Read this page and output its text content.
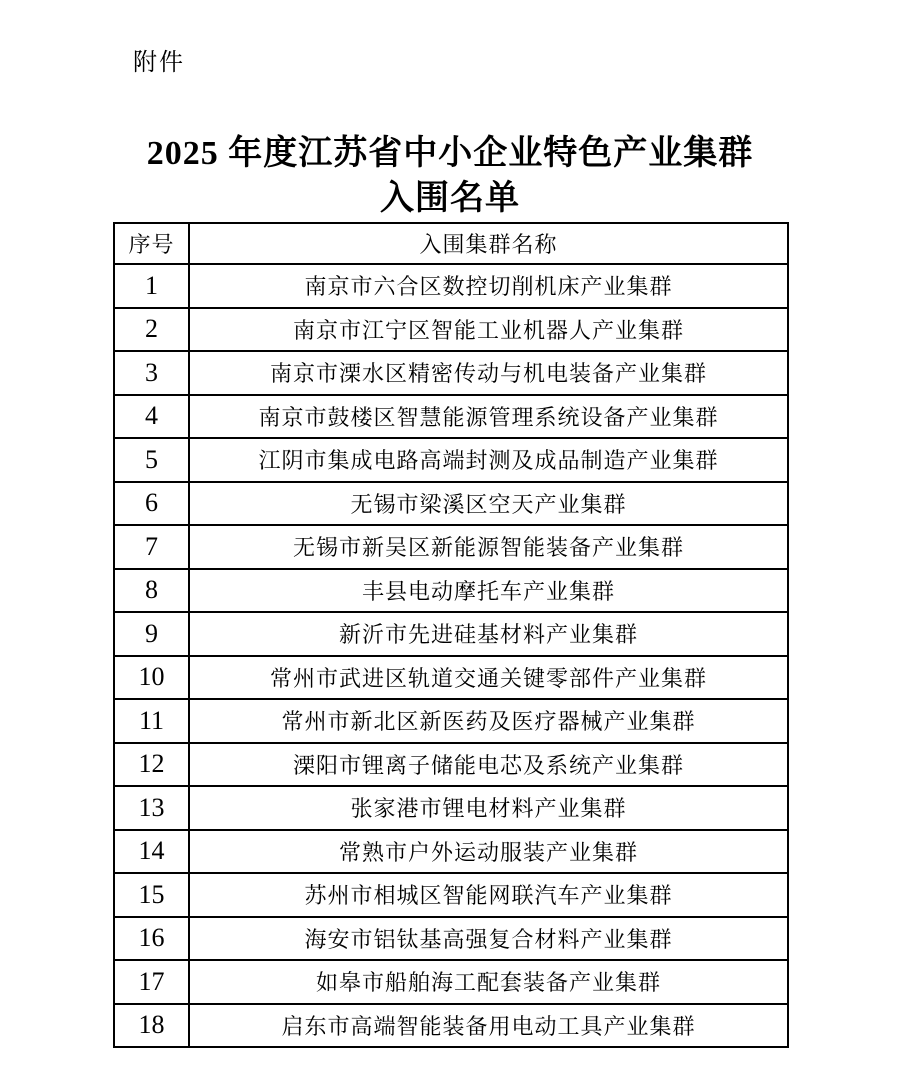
附件
2025 年度江苏省中小企业特色产业集群
入围名单
序号	入围集群名称
1	南京市六合区数控切削机床产业集群
2	南京市江宁区智能工业机器人产业集群
3	南京市溧水区精密传动与机电装备产业集群
4	南京市鼓楼区智慧能源管理系统设备产业集群
5	江阴市集成电路高端封测及成品制造产业集群
6	无锡市梁溪区空天产业集群
7	无锡市新吴区新能源智能装备产业集群
8	丰县电动摩托车产业集群
9	新沂市先进硅基材料产业集群
10	常州市武进区轨道交通关键零部件产业集群
11	常州市新北区新医药及医疗器械产业集群
12	溧阳市锂离子储能电芯及系统产业集群
13	张家港市锂电材料产业集群
14	常熟市户外运动服装产业集群
15	苏州市相城区智能网联汽车产业集群
16	海安市铝钛基高强复合材料产业集群
17	如皋市船舶海工配套装备产业集群
18	启东市高端智能装备用电动工具产业集群
